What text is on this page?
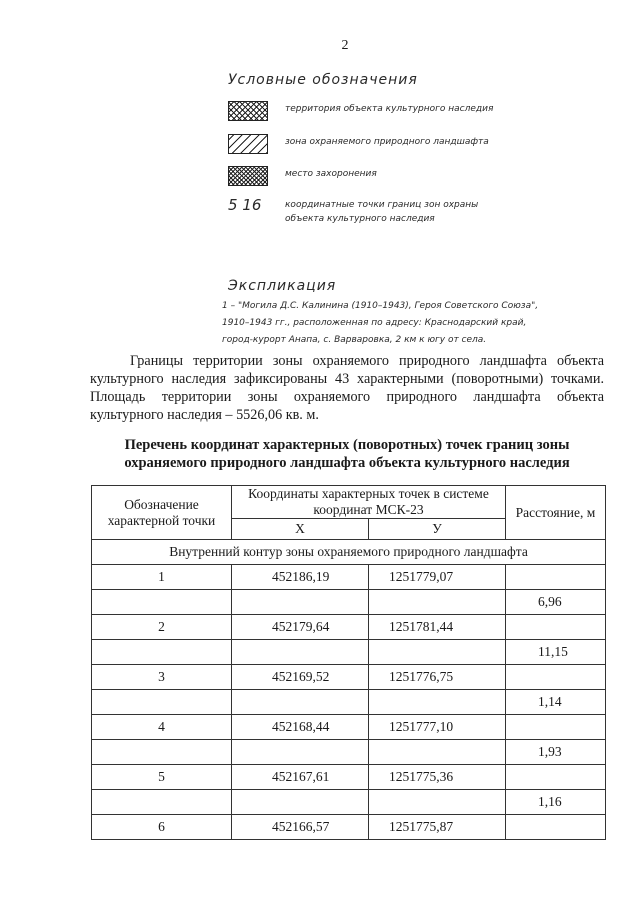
2
Условные обозначения
территория объекта культурного наследия
зона охраняемого природного ландшафта
место захоронения
5 16	координатные точки границ зон охраны
объекта культурного наследия
Экспликация
1 – "Могила Д.С. Калинина (1910–1943), Героя Советского Союза",
1910–1943 гг., расположенная по адресу: Краснодарский край,
город-курорт Анапа, с. Варваровка, 2 км к югу от села.

Границы территории зоны охраняемого природного ландшафта объекта культурного наследия зафиксированы 43 характерными (поворотными) точками. Площадь территории зоны охраняемого природного ландшафта объекта культурного наследия – 5526,06 кв. м.

Перечень координат характерных (поворотных) точек границ зоны
охраняемого природного ландшафта объекта культурного наследия
Обозначение характерной точки	Координаты характерных точек в системе координат МСК-23		Расстояние, м
	Х	У	
Внутренний контур зоны охраняемого природного ландшафта			
1	452186,19	1251779,07	
			6,96
2	452179,64	1251781,44	
			11,15
3	452169,52	1251776,75	
			1,14
4	452168,44	1251777,10	
			1,93
5	452167,61	1251775,36	
			1,16
6	452166,57	1251775,87	
